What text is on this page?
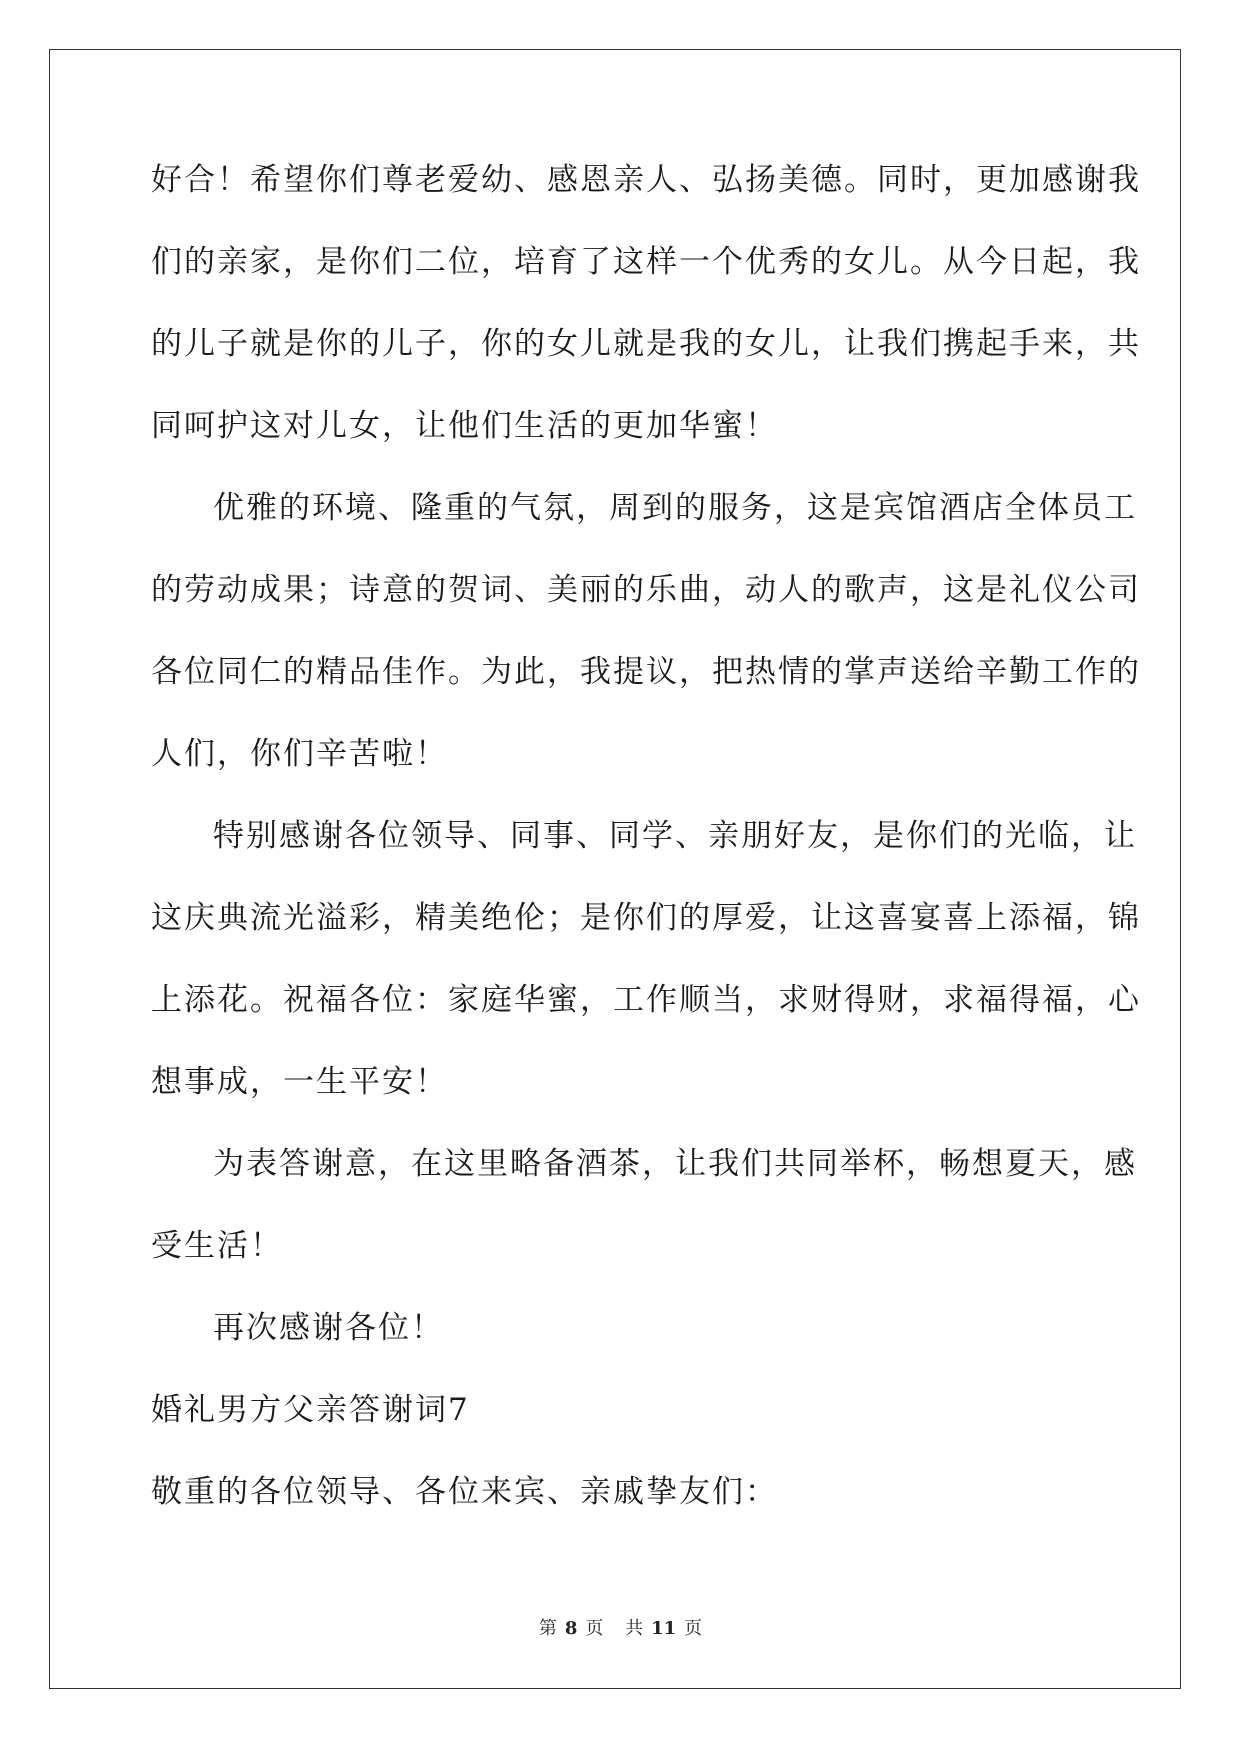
好合！希望你们尊老爱幼、感恩亲人、弘扬美德。同时，更加感谢我
们的亲家，是你们二位，培育了这样一个优秀的女儿。从今日起，我
的儿子就是你的儿子，你的女儿就是我的女儿，让我们携起手来，共
同呵护这对儿女，让他们生活的更加华蜜！
优雅的环境、隆重的气氛，周到的服务，这是宾馆酒店全体员工
的劳动成果；诗意的贺词、美丽的乐曲，动人的歌声，这是礼仪公司
各位同仁的精品佳作。为此，我提议，把热情的掌声送给辛勤工作的
人们，你们辛苦啦！
特别感谢各位领导、同事、同学、亲朋好友，是你们的光临，让
这庆典流光溢彩，精美绝伦；是你们的厚爱，让这喜宴喜上添福，锦
上添花。祝福各位：家庭华蜜，工作顺当，求财得财，求福得福，心
想事成，一生平安！
为表答谢意，在这里略备酒茶，让我们共同举杯，畅想夏天，感
受生活！
再次感谢各位！
婚礼男方父亲答谢词7
敬重的各位领导、各位来宾、亲戚挚友们：
第 8 页 共 11 页
